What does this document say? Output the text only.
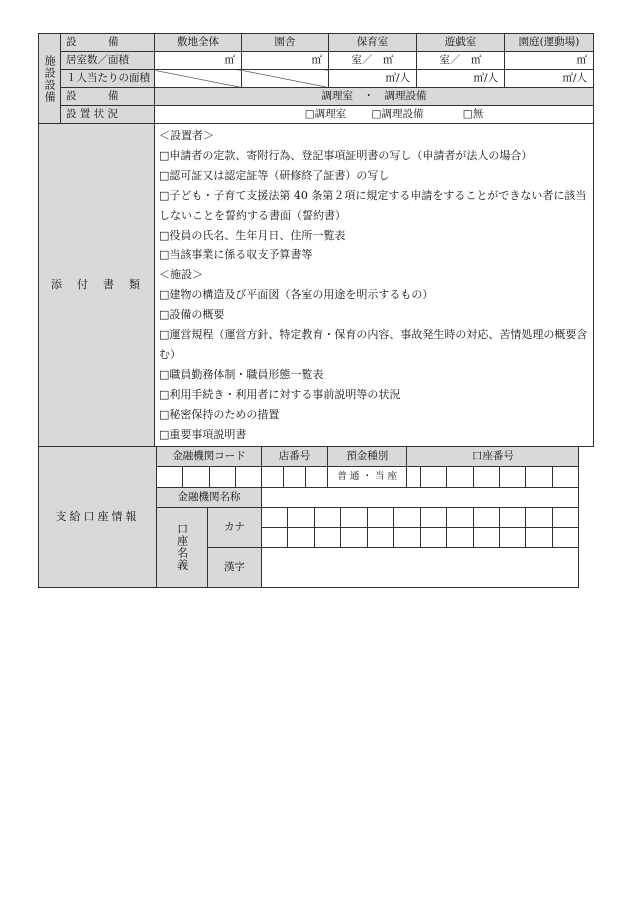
施設設備	設　　　備	敷地全体	園舎	保育室	遊戯室	園庭(運動場)
	居室数／面積	㎡	㎡	室／　㎡	室／　㎡	㎡
	１人当たりの面積			㎡/人	㎡/人	㎡/人

	設　　　備	調理室　・　調理設備				

	設 置 状 況	□調理室 □調理設備 □無				
添　付　書　類	
＜設置者＞
□申請者の定款、寄附行為、登記事項証明書の写し（申請者が法人の場合）
□認可証又は認定証等（研修終了証書）の写し
□子ども・子育て支援法第 40 条第２項に規定する申請をすることができない者に該当しないことを誓約する書面（誓約書）
□役員の氏名、生年月日、住所一覧表
□当該事業に係る収支予算書等
＜施設＞
□建物の構造及び平面図（各室の用途を明示するもの）
□設備の概要
□運営規程（運営方針、特定教育・保育の内容、事故発生時の対応、苦情処理の概要含む）
□職員勤務体制・職員形態一覧表
□利用手続き・利用者に対する事前説明等の状況
□秘密保持のための措置
□重要事項説明書
支給口座情報	金融機関コード		店番号			預金種別				口座番号						

					普 通 ・ 当 座										
	金融機関名称															

	口座名義	カナ														

		漢字														
